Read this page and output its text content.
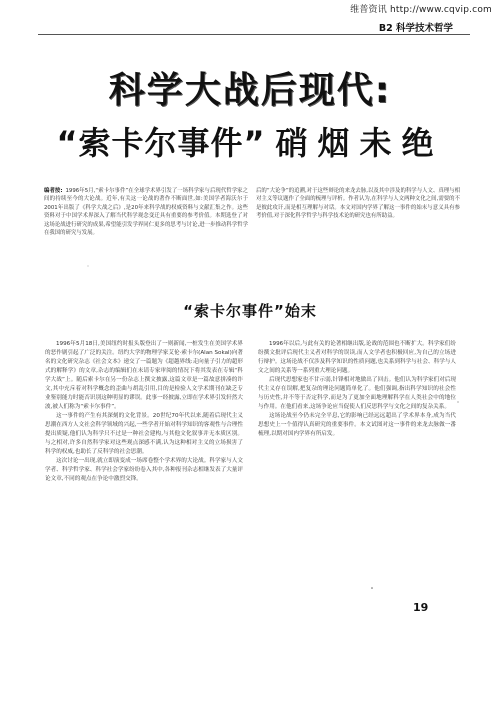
维普资讯 http://www.cqvip.com
B2 科学技术哲学
科学大战后现代:
“索卡尔事件” 硝烟未绝
编者按: 1996年5月,“索卡尔事件”在全球学术界引发了一场科学家与后现代哲学家之间的持续至今的大论战。近年,有关这一论战的著作不断面世,如:美国学者海沃尔于2001年出版了《科学大战之后》,是20年来科学战的权威资料与文献汇集之作。这些资料对于中国学术界深入了解当代科学观念变迁具有重要的参考价值。本期选登了对这场论战进行研究的成果,希望能引发学界同仁更多的思考与讨论,进一步推动科学哲学在我国的研究与发展。
后的“大论争”的追溯,对于这些辩论的来龙去脉,以及其中涉及的科学与人文、真理与相对主义等议题作了全面的梳理与评析。作者认为,在科学与人文两种文化之间,需要的不是彼此攻讦,而是相互理解与对话。本文对国内学界了解这一事件的始末与意义具有参考价值,对于深化科学哲学与科学技术论的研究也有所助益。
“索卡尔事件”始末

1996年5月18日,美国纽约时报头版登出了一则新闻,一桩发生在美国学术界的恶作剧引起了广泛的关注。纽约大学的物理学家艾伦·索卡尔(Alan Sokal)向著名的文化研究杂志《社会文本》递交了一篇题为《超越界线:走向量子引力的超形式的解释学》的文章,杂志的编辑们在未请专家审阅的情况下将其发表在专辑“科学大战”上。随后索卡尔在另一份杂志上撰文披露,这篇文章是一篇故意拼凑的诈文,其中充斥着对科学概念的歪曲与胡乱引用,目的是检验人文学术期刊在缺乏专业鉴别能力时能否识别这种明显的谬误。此事一经披露,立即在学术界引发轩然大波,被人们称为“索卡尔事件”。

这一事件的产生有其深刻的文化背景。20世纪70年代以来,随着后现代主义思潮在西方人文社会科学领域的兴起,一些学者开始对科学知识的客观性与合理性提出质疑,他们认为科学只不过是一种社会建构,与其他文化叙事并无本质区别。与之相对,许多自然科学家对这些观点深感不满,认为这种相对主义的立场损害了科学的权威,也助长了反科学的社会思潮。

这次讨论一出现,就立即演变成一场席卷整个学术界的大论战。科学家与人文学者、科学哲学家、科学社会学家纷纷卷入其中,各种报刊杂志相继发表了大量评论文章,不同的观点在争论中激烈交锋。

1996年以后,与此有关的论著相继出版,论战的范围也不断扩大。科学家们纷纷撰文批评后现代主义者对科学的误读,而人文学者也积极回应,为自己的立场进行辩护。这场论战不仅涉及科学知识的性质问题,也关系到科学与社会、科学与人文之间的关系等一系列重大理论问题。

后现代思想家也不甘示弱,针锋相对地做出了回击。他们认为科学家们对后现代主义存在误解,把复杂的理论问题简单化了。他们强调,指出科学知识的社会性与历史性,并不等于否定科学,而是为了更加全面地理解科学在人类社会中的地位与作用。在他们看来,这场争论应当促使人们反思科学与文化之间的复杂关系。

这场论战至今仍未完全平息,它的影响已经远远超出了学术界本身,成为当代思想史上一个值得认真研究的重要事件。本文试图对这一事件的来龙去脉做一番梳理,以期对国内学界有所启发。

19
